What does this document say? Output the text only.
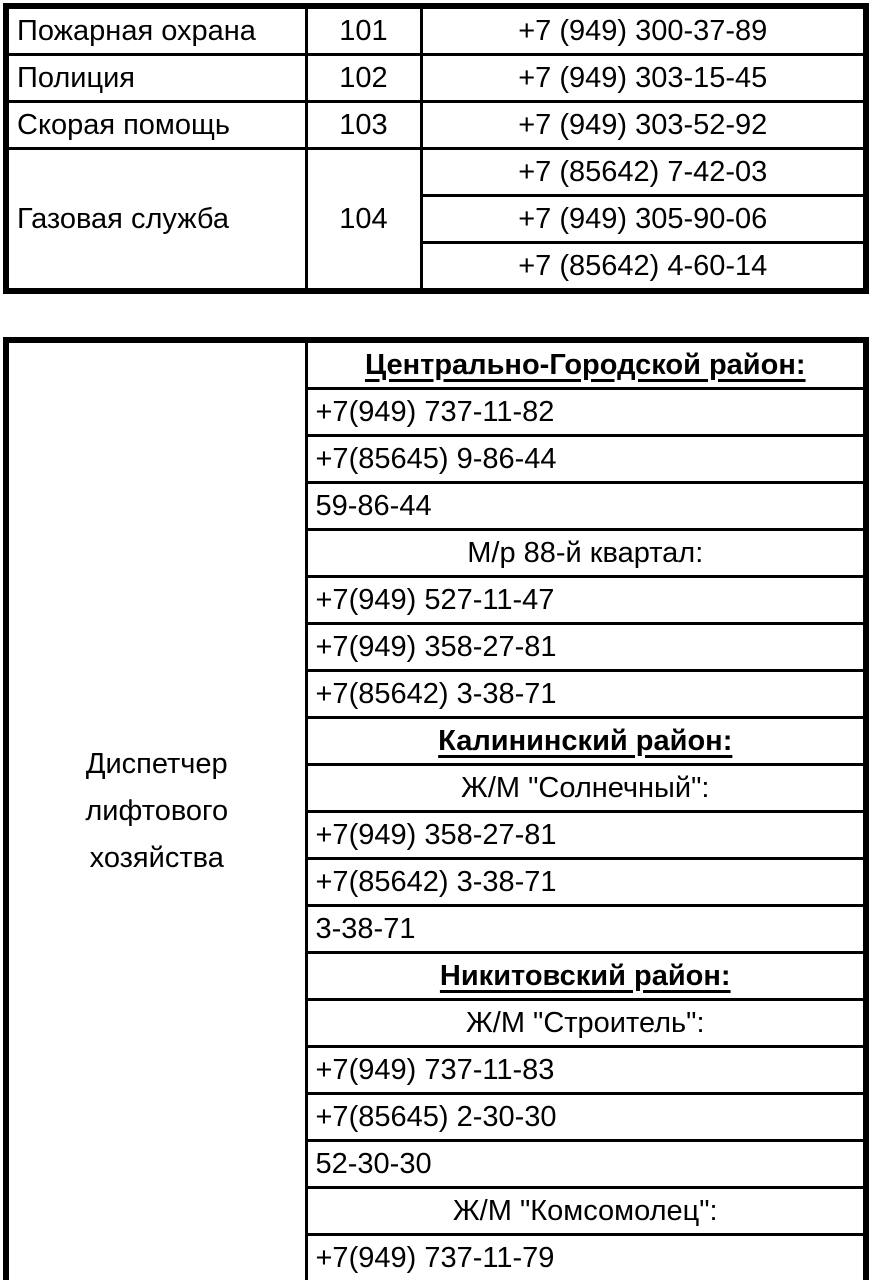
Пожарная охрана	101	+7 (949) 300-37-89
Полиция	102	+7 (949) 303-15-45
Скорая помощь	103	+7 (949) 303-52-92
Газовая служба	104	+7 (85642) 7-42-03
		+7 (949) 305-90-06
		+7 (85642) 4-60-14
Диспетчер лифтового хозяйства	Центрально-Городской район:
+7(949) 737-11-82
+7(85645) 9-86-44
59-86-44
М/р 88-й квартал:
+7(949) 527-11-47
+7(949) 358-27-81
+7(85642) 3-38-71
Калининский район:
Ж/М "Солнечный":
+7(949) 358-27-81
+7(85642) 3-38-71
3-38-71
Никитовский район:
Ж/М "Строитель":
+7(949) 737-11-83
+7(85645) 2-30-30
52-30-30
Ж/М "Комсомолец":
+7(949) 737-11-79
